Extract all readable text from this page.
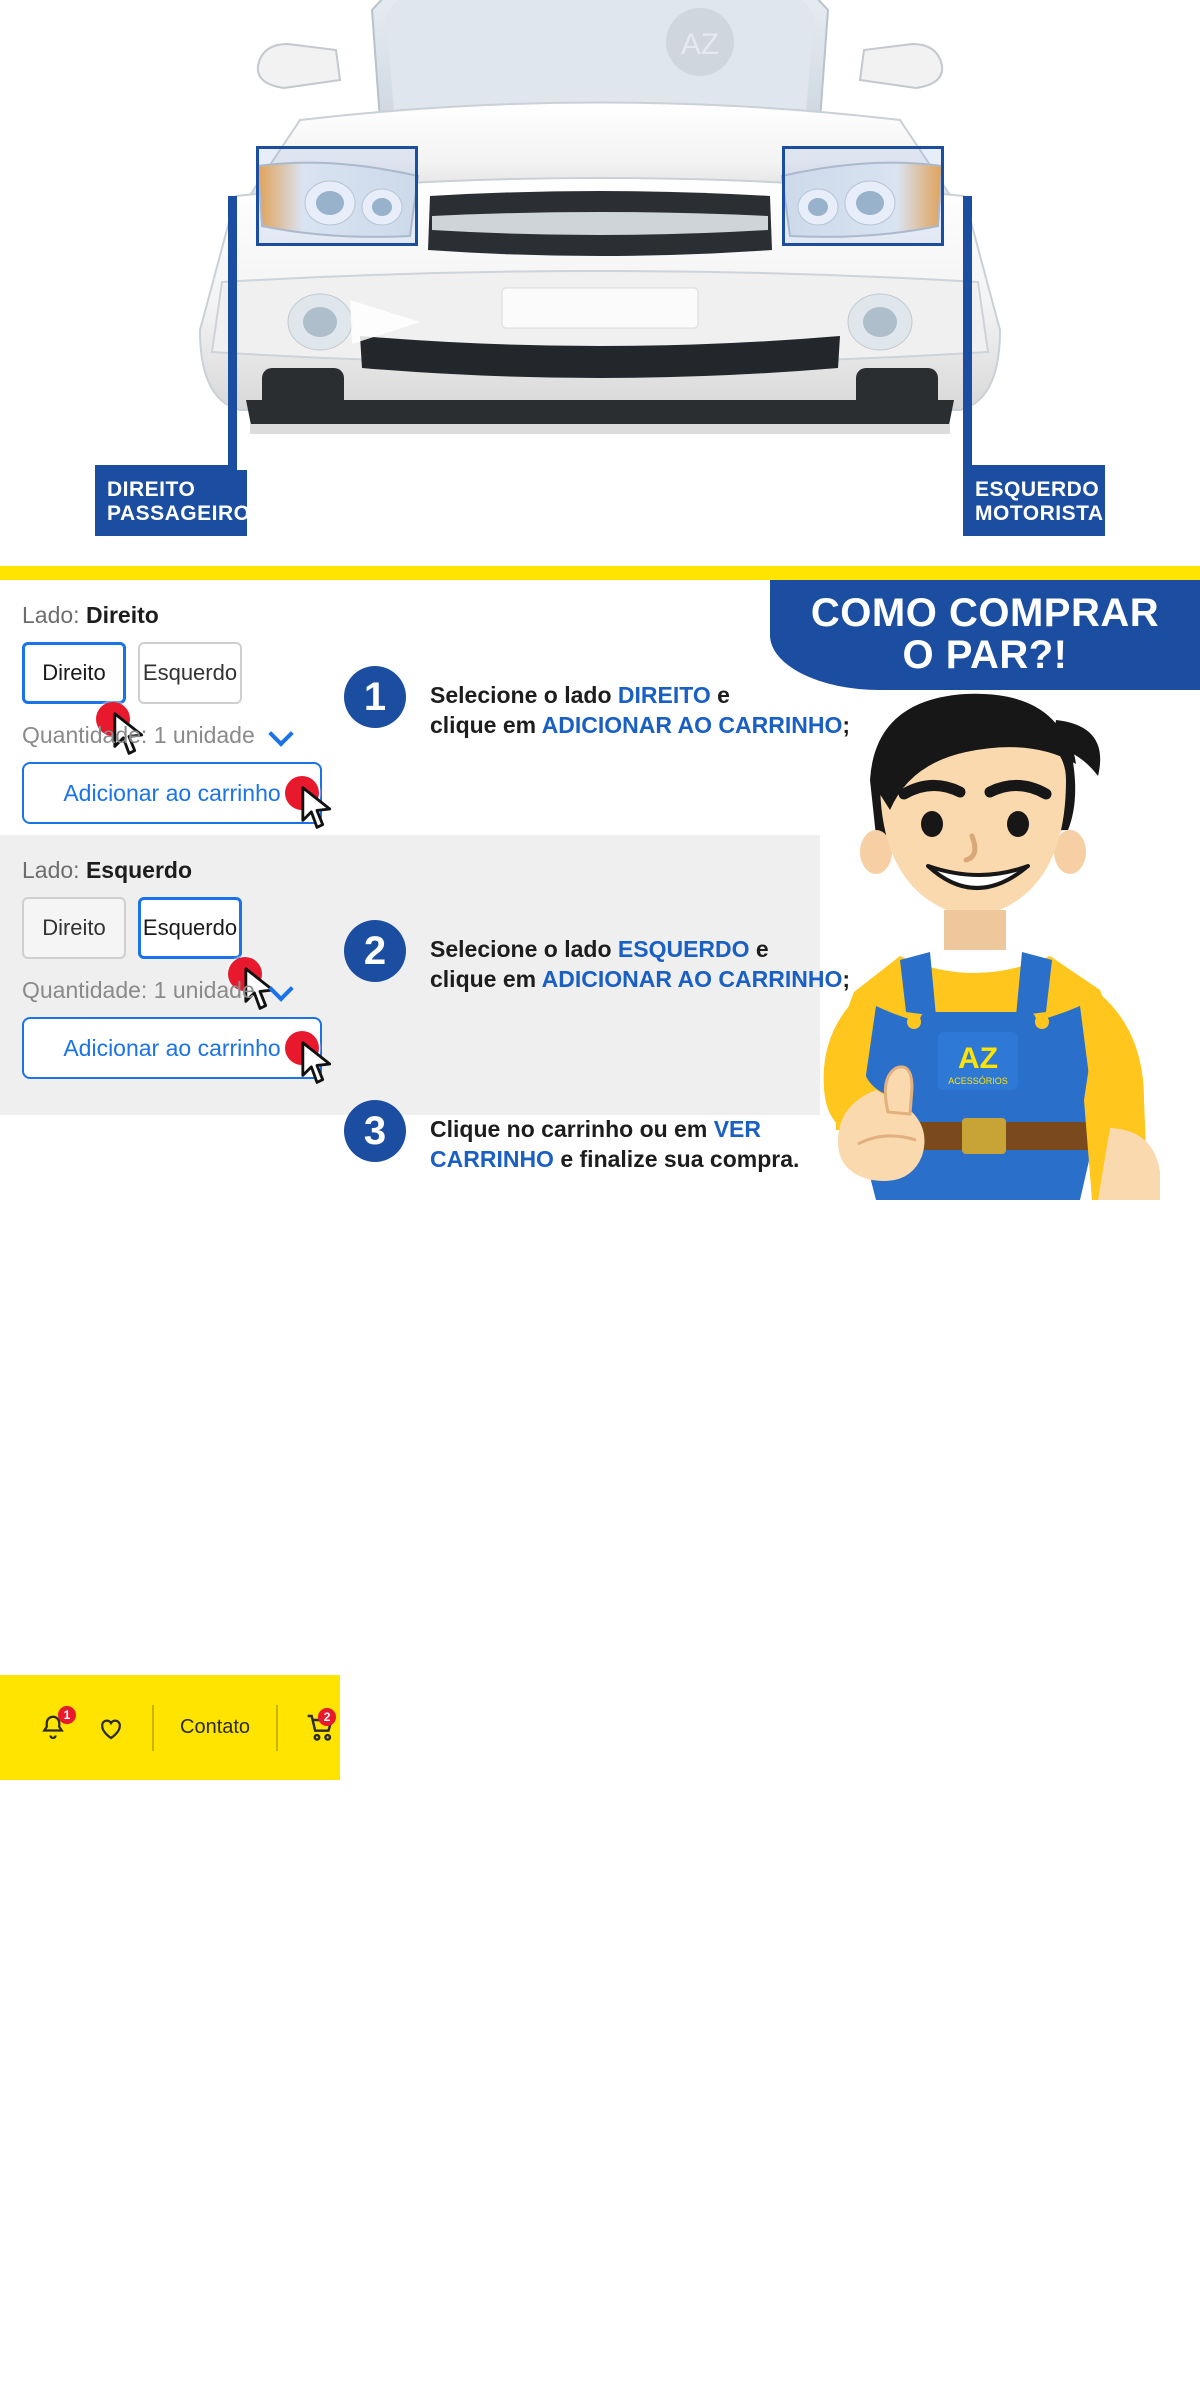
AZ
DIREITO
PASSAGEIRO
ESQUERDO
MOTORISTA
Lado: Direito
Direito Esquerdo
Quantidade: 1 unidade
Adicionar ao carrinho
Lado: Esquerdo
Direito Esquerdo
Quantidade: 1 unidade
Adicionar ao carrinho
1
Contato	2
1 Selecione o lado DIREITO e
clique em ADICIONAR AO CARRINHO;
2 Selecione o lado ESQUERDO e
clique em ADICIONAR AO CARRINHO;
3 Clique no carrinho ou em VER
CARRINHO e finalize sua compra.
COMO COMPRAR
O PAR?!
AZ
ACESSÓRIOS
